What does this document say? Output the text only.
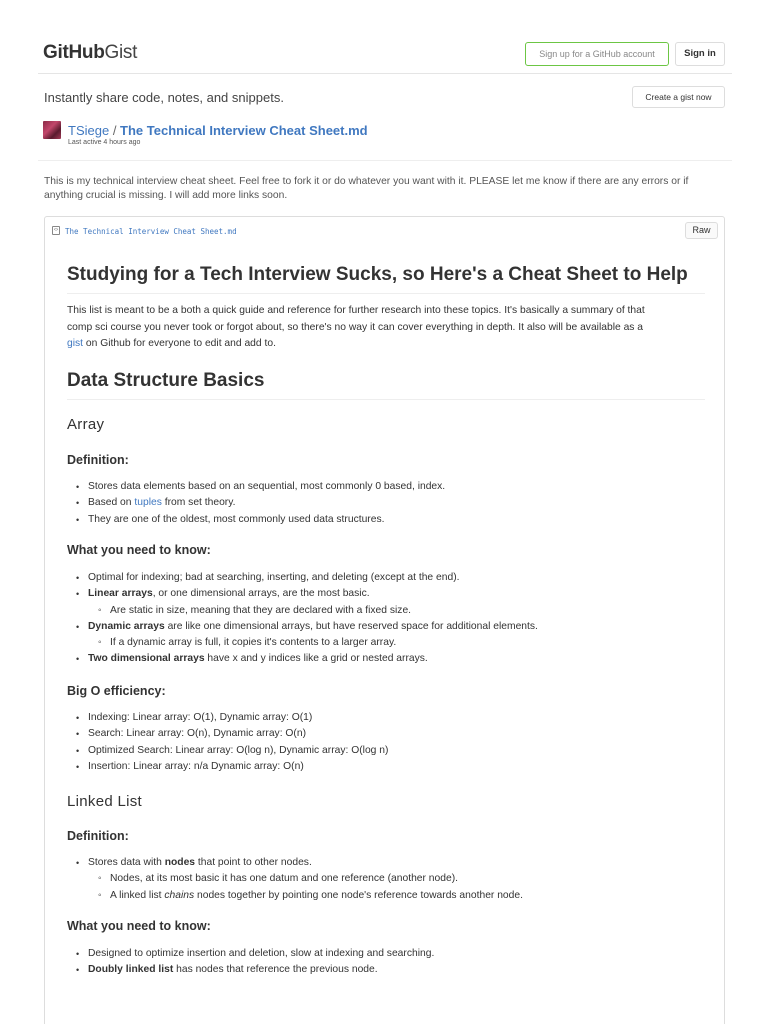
GitHubGist	Sign up for a GitHub account	Sign in
Instantly share code, notes, and snippets.	Create a gist now
TSiege / The Technical Interview Cheat Sheet.md
Last active 4 hours ago
This is my technical interview cheat sheet. Feel free to fork it or do whatever you want with it. PLEASE let me know if there are any errors or if anything crucial is missing. I will add more links soon.
‹› The Technical Interview Cheat Sheet.md	Raw
Studying for a Tech Interview Sucks, so Here's a Cheat Sheet to Help
This list is meant to be a both a quick guide and reference for further research into these topics. It's basically a summary of that
comp sci course you never took or forgot about, so there's no way it can cover everything in depth. It also will be available as a
gist on Github for everyone to edit and add to.
Data Structure Basics
Array
Definition:
• Stores data elements based on an sequential, most commonly 0 based, index.
• Based on tuples from set theory.
• They are one of the oldest, most commonly used data structures.
What you need to know:
• Optimal for indexing; bad at searching, inserting, and deleting (except at the end).
• Linear arrays, or one dimensional arrays, are the most basic.
◦ Are static in size, meaning that they are declared with a fixed size.
• Dynamic arrays are like one dimensional arrays, but have reserved space for additional elements.
◦ If a dynamic array is full, it copies it's contents to a larger array.
• Two dimensional arrays have x and y indices like a grid or nested arrays.
Big O efficiency:
• Indexing: Linear array: O(1), Dynamic array: O(1)
• Search: Linear array: O(n), Dynamic array: O(n)
• Optimized Search: Linear array: O(log n), Dynamic array: O(log n)
• Insertion: Linear array: n/a Dynamic array: O(n)
Linked List
Definition:
• Stores data with nodes that point to other nodes.
◦ Nodes, at its most basic it has one datum and one reference (another node).
◦ A linked list chains nodes together by pointing one node's reference towards another node.
What you need to know:
• Designed to optimize insertion and deletion, slow at indexing and searching.
• Doubly linked list has nodes that reference the previous node.
